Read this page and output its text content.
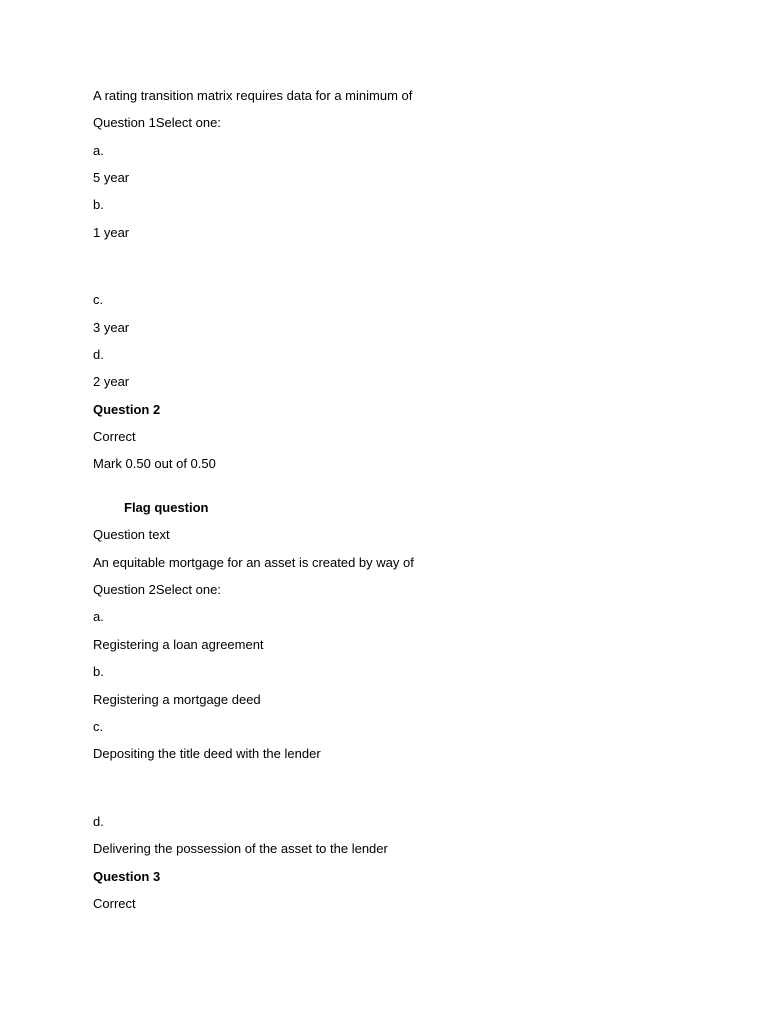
A rating transition matrix requires data for a minimum of
Question 1Select one:
a.
5 year
b.
1 year
c.
3 year
d.
2 year
Question 2
Correct
Mark 0.50 out of 0.50
Flag question
Question text
An equitable mortgage for an asset is created by way of
Question 2Select one:
a.
Registering a loan agreement
b.
Registering a mortgage deed
c.
Depositing the title deed with the lender
d.
Delivering the possession of the asset to the lender
Question 3
Correct
